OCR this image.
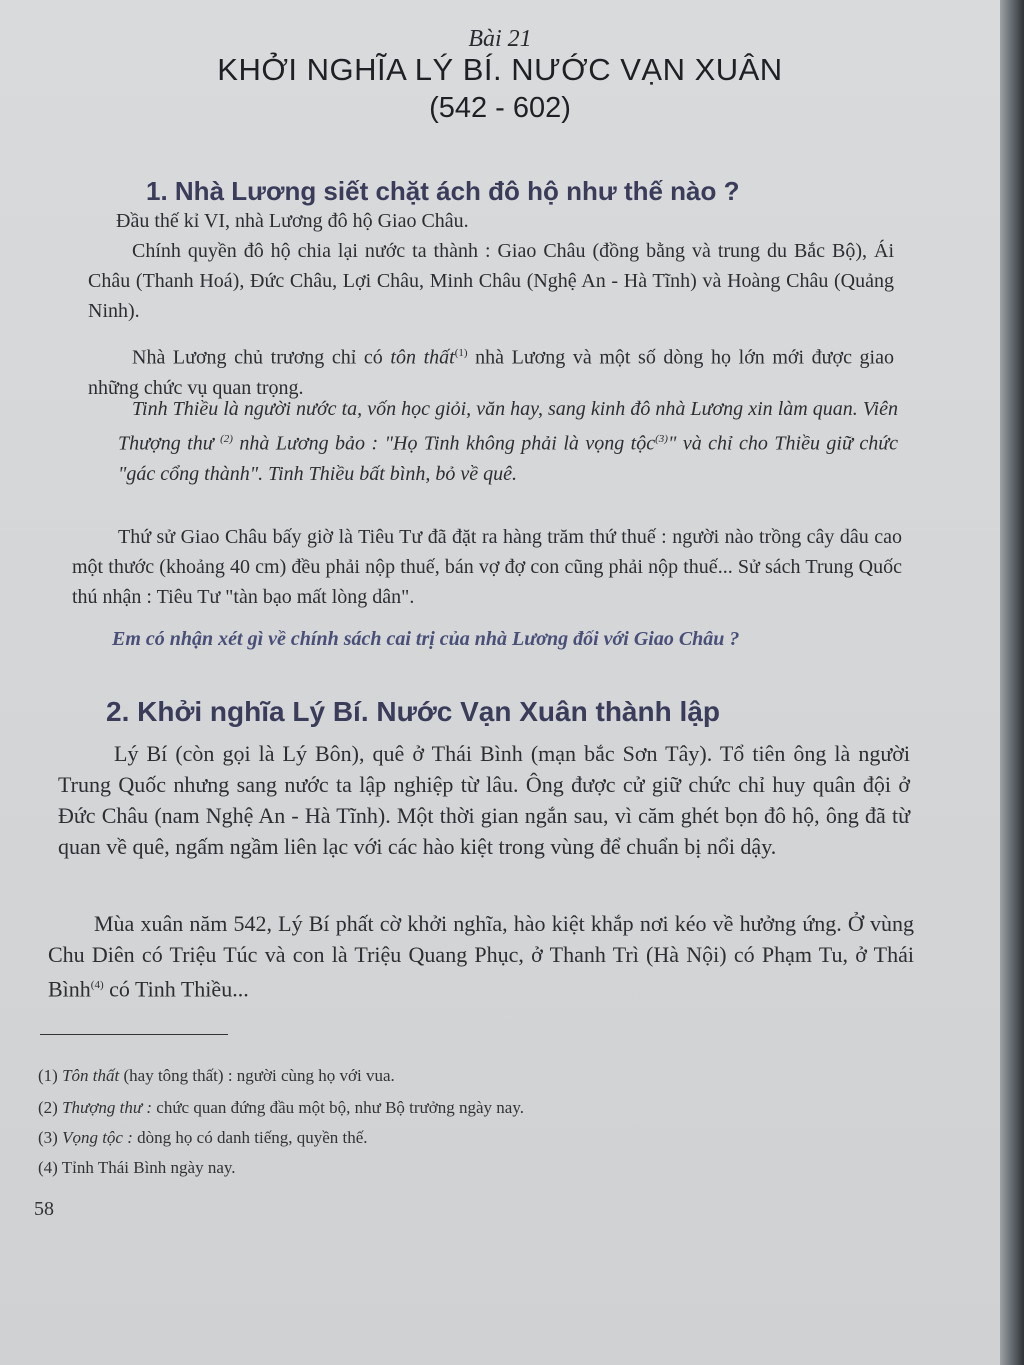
Bài 21
KHỞI NGHĨA LÝ BÍ. NƯỚC VẠN XUÂN
(542 - 602)
1. Nhà Lương siết chặt ách đô hộ như thế nào ?
Đầu thế kỉ VI, nhà Lương đô hộ Giao Châu.
Chính quyền đô hộ chia lại nước ta thành : Giao Châu (đồng bằng và trung du Bắc Bộ), Ái Châu (Thanh Hoá), Đức Châu, Lợi Châu, Minh Châu (Nghệ An - Hà Tĩnh) và Hoàng Châu (Quảng Ninh).
Nhà Lương chủ trương chỉ có tôn thất$^{(1)}$ nhà Lương và một số dòng họ lớn mới được giao những chức vụ quan trọng.
Tinh Thiều là người nước ta, vốn học giỏi, văn hay, sang kinh đô nhà Lương xin làm quan. Viên Thượng thư $^{(2)}$ nhà Lương bảo : "Họ Tinh không phải là vọng tộc$^{(3)}$" và chỉ cho Thiều giữ chức "gác cổng thành". Tinh Thiều bất bình, bỏ về quê.
Thứ sử Giao Châu bấy giờ là Tiêu Tư đã đặt ra hàng trăm thứ thuế : người nào trồng cây dâu cao một thước (khoảng 40 cm) đều phải nộp thuế, bán vợ đợ con cũng phải nộp thuế... Sử sách Trung Quốc thú nhận : Tiêu Tư "tàn bạo mất lòng dân".
Em có nhận xét gì về chính sách cai trị của nhà Lương đối với Giao Châu ?
2. Khởi nghĩa Lý Bí. Nước Vạn Xuân thành lập
Lý Bí (còn gọi là Lý Bôn), quê ở Thái Bình (mạn bắc Sơn Tây). Tổ tiên ông là người Trung Quốc nhưng sang nước ta lập nghiệp từ lâu. Ông được cử giữ chức chỉ huy quân đội ở Đức Châu (nam Nghệ An - Hà Tĩnh). Một thời gian ngắn sau, vì căm ghét bọn đô hộ, ông đã từ quan về quê, ngấm ngầm liên lạc với các hào kiệt trong vùng để chuẩn bị nổi dậy.
Mùa xuân năm 542, Lý Bí phất cờ khởi nghĩa, hào kiệt khắp nơi kéo về hưởng ứng. Ở vùng Chu Diên có Triệu Túc và con là Triệu Quang Phục, ở Thanh Trì (Hà Nội) có Phạm Tu, ở Thái Bình$^{(4)}$ có Tinh Thiều...
(1) Tôn thất (hay tông thất) : người cùng họ với vua.
(2) Thượng thư : chức quan đứng đầu một bộ, như Bộ trưởng ngày nay.
(3) Vọng tộc : dòng họ có danh tiếng, quyền thế.
(4) Tỉnh Thái Bình ngày nay.
58
